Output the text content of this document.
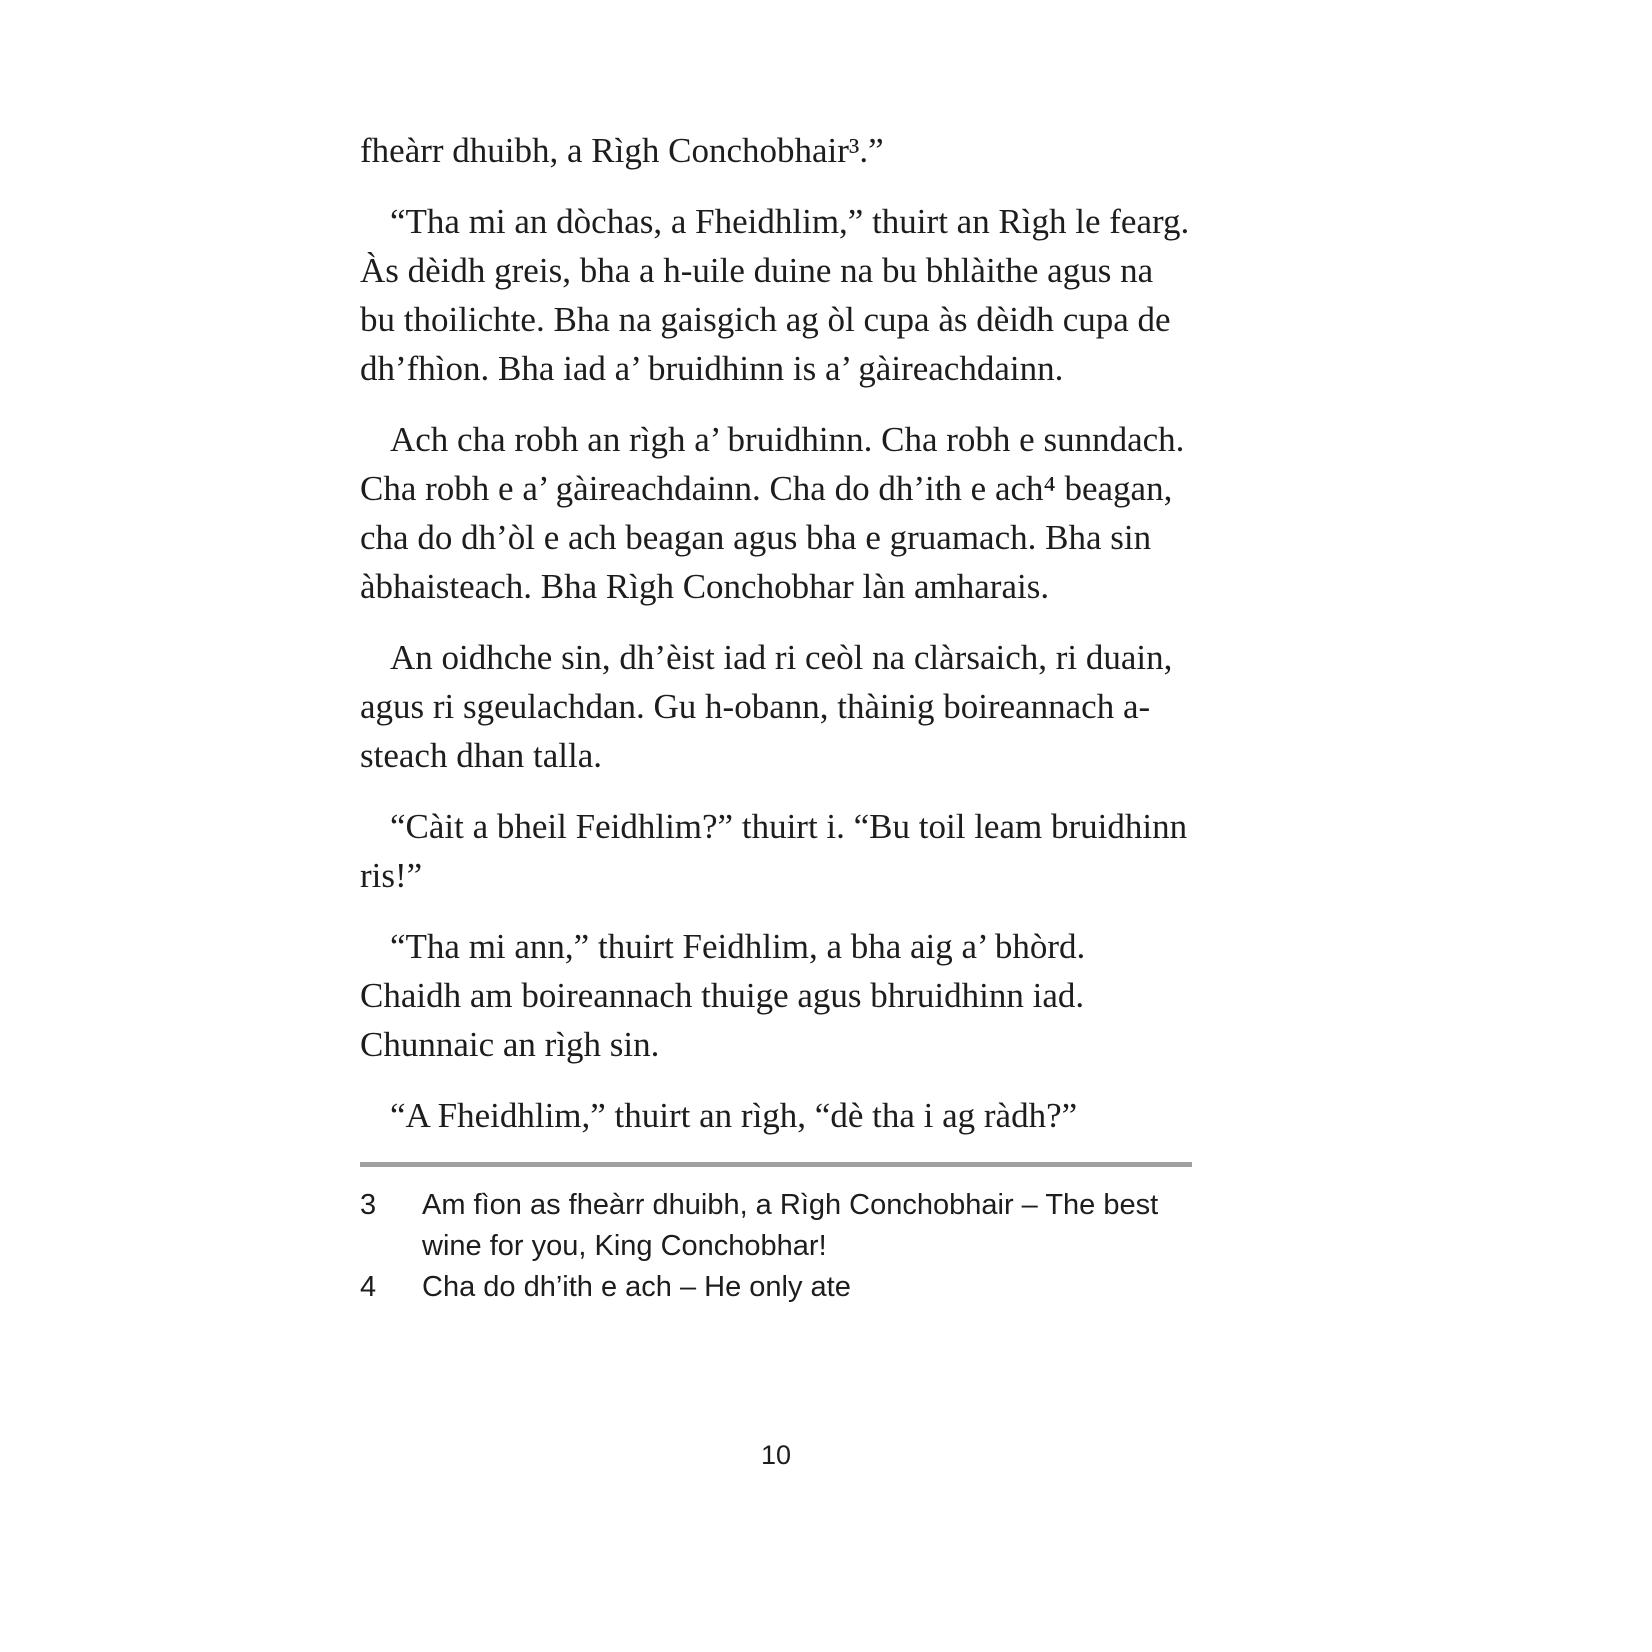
fheàrr dhuibh, a Rìgh Conchobhair³.”

“Tha mi an dòchas, a Fheidhlim,” thuirt an Rìgh le fearg. Às dèidh greis, bha a h-uile duine na bu bhlàithe agus na bu thoilichte. Bha na gaisgich ag òl cupa às dèidh cupa de dh’fhìon. Bha iad a’ bruidhinn is a’ gàireachdainn.

Ach cha robh an rìgh a’ bruidhinn. Cha robh e sunndach. Cha robh e a’ gàireachdainn. Cha do dh’ith e ach⁴ beagan, cha do dh’òl e ach beagan agus bha e gruamach. Bha sin àbhaisteach. Bha Rìgh Conchobhar làn amharais.

An oidhche sin, dh’èist iad ri ceòl na clàrsaich, ri duain, agus ri sgeulachdan. Gu h-obann, thàinig boireannach a-steach dhan talla.

“Càit a bheil Feidhlim?” thuirt i. “Bu toil leam bruidhinn ris!”

“Tha mi ann,” thuirt Feidhlim, a bha aig a’ bhòrd. Chaidh am boireannach thuige agus bhruidhinn iad. Chunnaic an rìgh sin.

“A Fheidhlim,” thuirt an rìgh, “dè tha i ag ràdh?”

3	Am fìon as fheàrr dhuibh, a Rìgh Conchobhair – The best wine for you, King Conchobhar!
4	Cha do dh’ith e ach – He only ate
10
